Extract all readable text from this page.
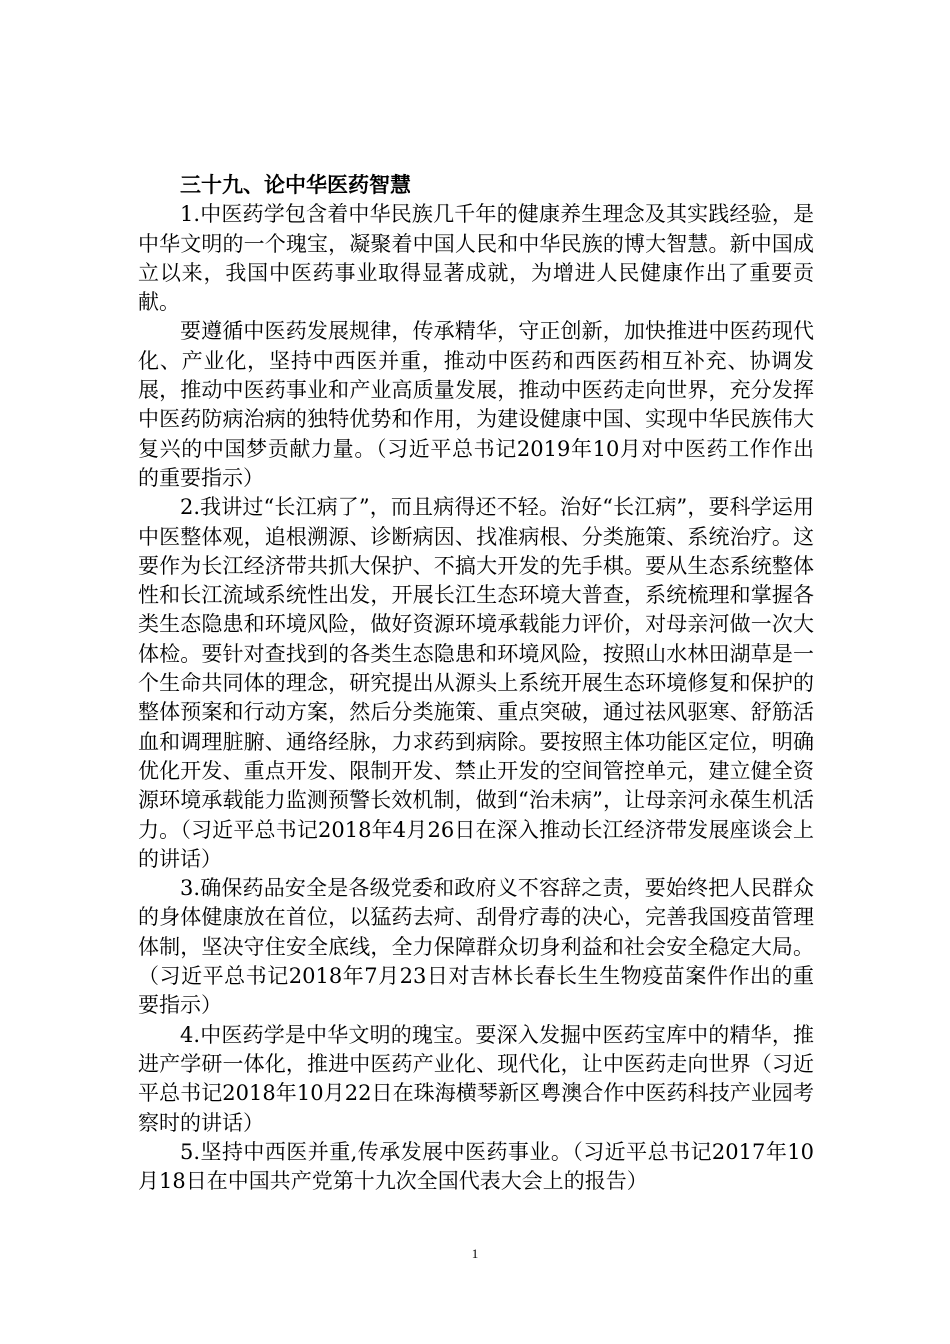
三十九、论中华医药智慧

1.中医药学包含着中华民族几千年的健康养生理念及其实践经验，是中华文明的一个瑰宝，凝聚着中国人民和中华民族的博大智慧。新中国成立以来，我国中医药事业取得显著成就，为增进人民健康作出了重要贡献。

要遵循中医药发展规律，传承精华，守正创新，加快推进中医药现代化、产业化，坚持中西医并重，推动中医药和西医药相互补充、协调发展，推动中医药事业和产业高质量发展，推动中医药走向世界，充分发挥中医药防病治病的独特优势和作用，为建设健康中国、实现中华民族伟大复兴的中国梦贡献力量。（习近平总书记2019年10月对中医药工作作出的重要指示）

2.我讲过“长江病了”，而且病得还不轻。治好“长江病”，要科学运用中医整体观，追根溯源、诊断病因、找准病根、分类施策、系统治疗。这要作为长江经济带共抓大保护、不搞大开发的先手棋。要从生态系统整体性和长江流域系统性出发，开展长江生态环境大普查，系统梳理和掌握各类生态隐患和环境风险，做好资源环境承载能力评价，对母亲河做一次大体检。要针对查找到的各类生态隐患和环境风险，按照山水林田湖草是一个生命共同体的理念，研究提出从源头上系统开展生态环境修复和保护的整体预案和行动方案，然后分类施策、重点突破，通过祛风驱寒、舒筋活血和调理脏腑、通络经脉，力求药到病除。要按照主体功能区定位，明确优化开发、重点开发、限制开发、禁止开发的空间管控单元，建立健全资源环境承载能力监测预警长效机制，做到“治未病”，让母亲河永葆生机活力。（习近平总书记2018年4月26日在深入推动长江经济带发展座谈会上的讲话）

3.确保药品安全是各级党委和政府义不容辞之责，要始终把人民群众的身体健康放在首位，以猛药去疴、刮骨疗毒的决心，完善我国疫苗管理体制，坚决守住安全底线，全力保障群众切身利益和社会安全稳定大局。（习近平总书记2018年7月23日对吉林长春长生生物疫苗案件作出的重要指示）

4.中医药学是中华文明的瑰宝。要深入发掘中医药宝库中的精华，推进产学研一体化，推进中医药产业化、现代化，让中医药走向世界（习近平总书记2018年10月22日在珠海横琴新区粤澳合作中医药科技产业园考察时的讲话）

5.坚持中西医并重,传承发展中医药事业。（习近平总书记2017年10月18日在中国共产党第十九次全国代表大会上的报告）

1
